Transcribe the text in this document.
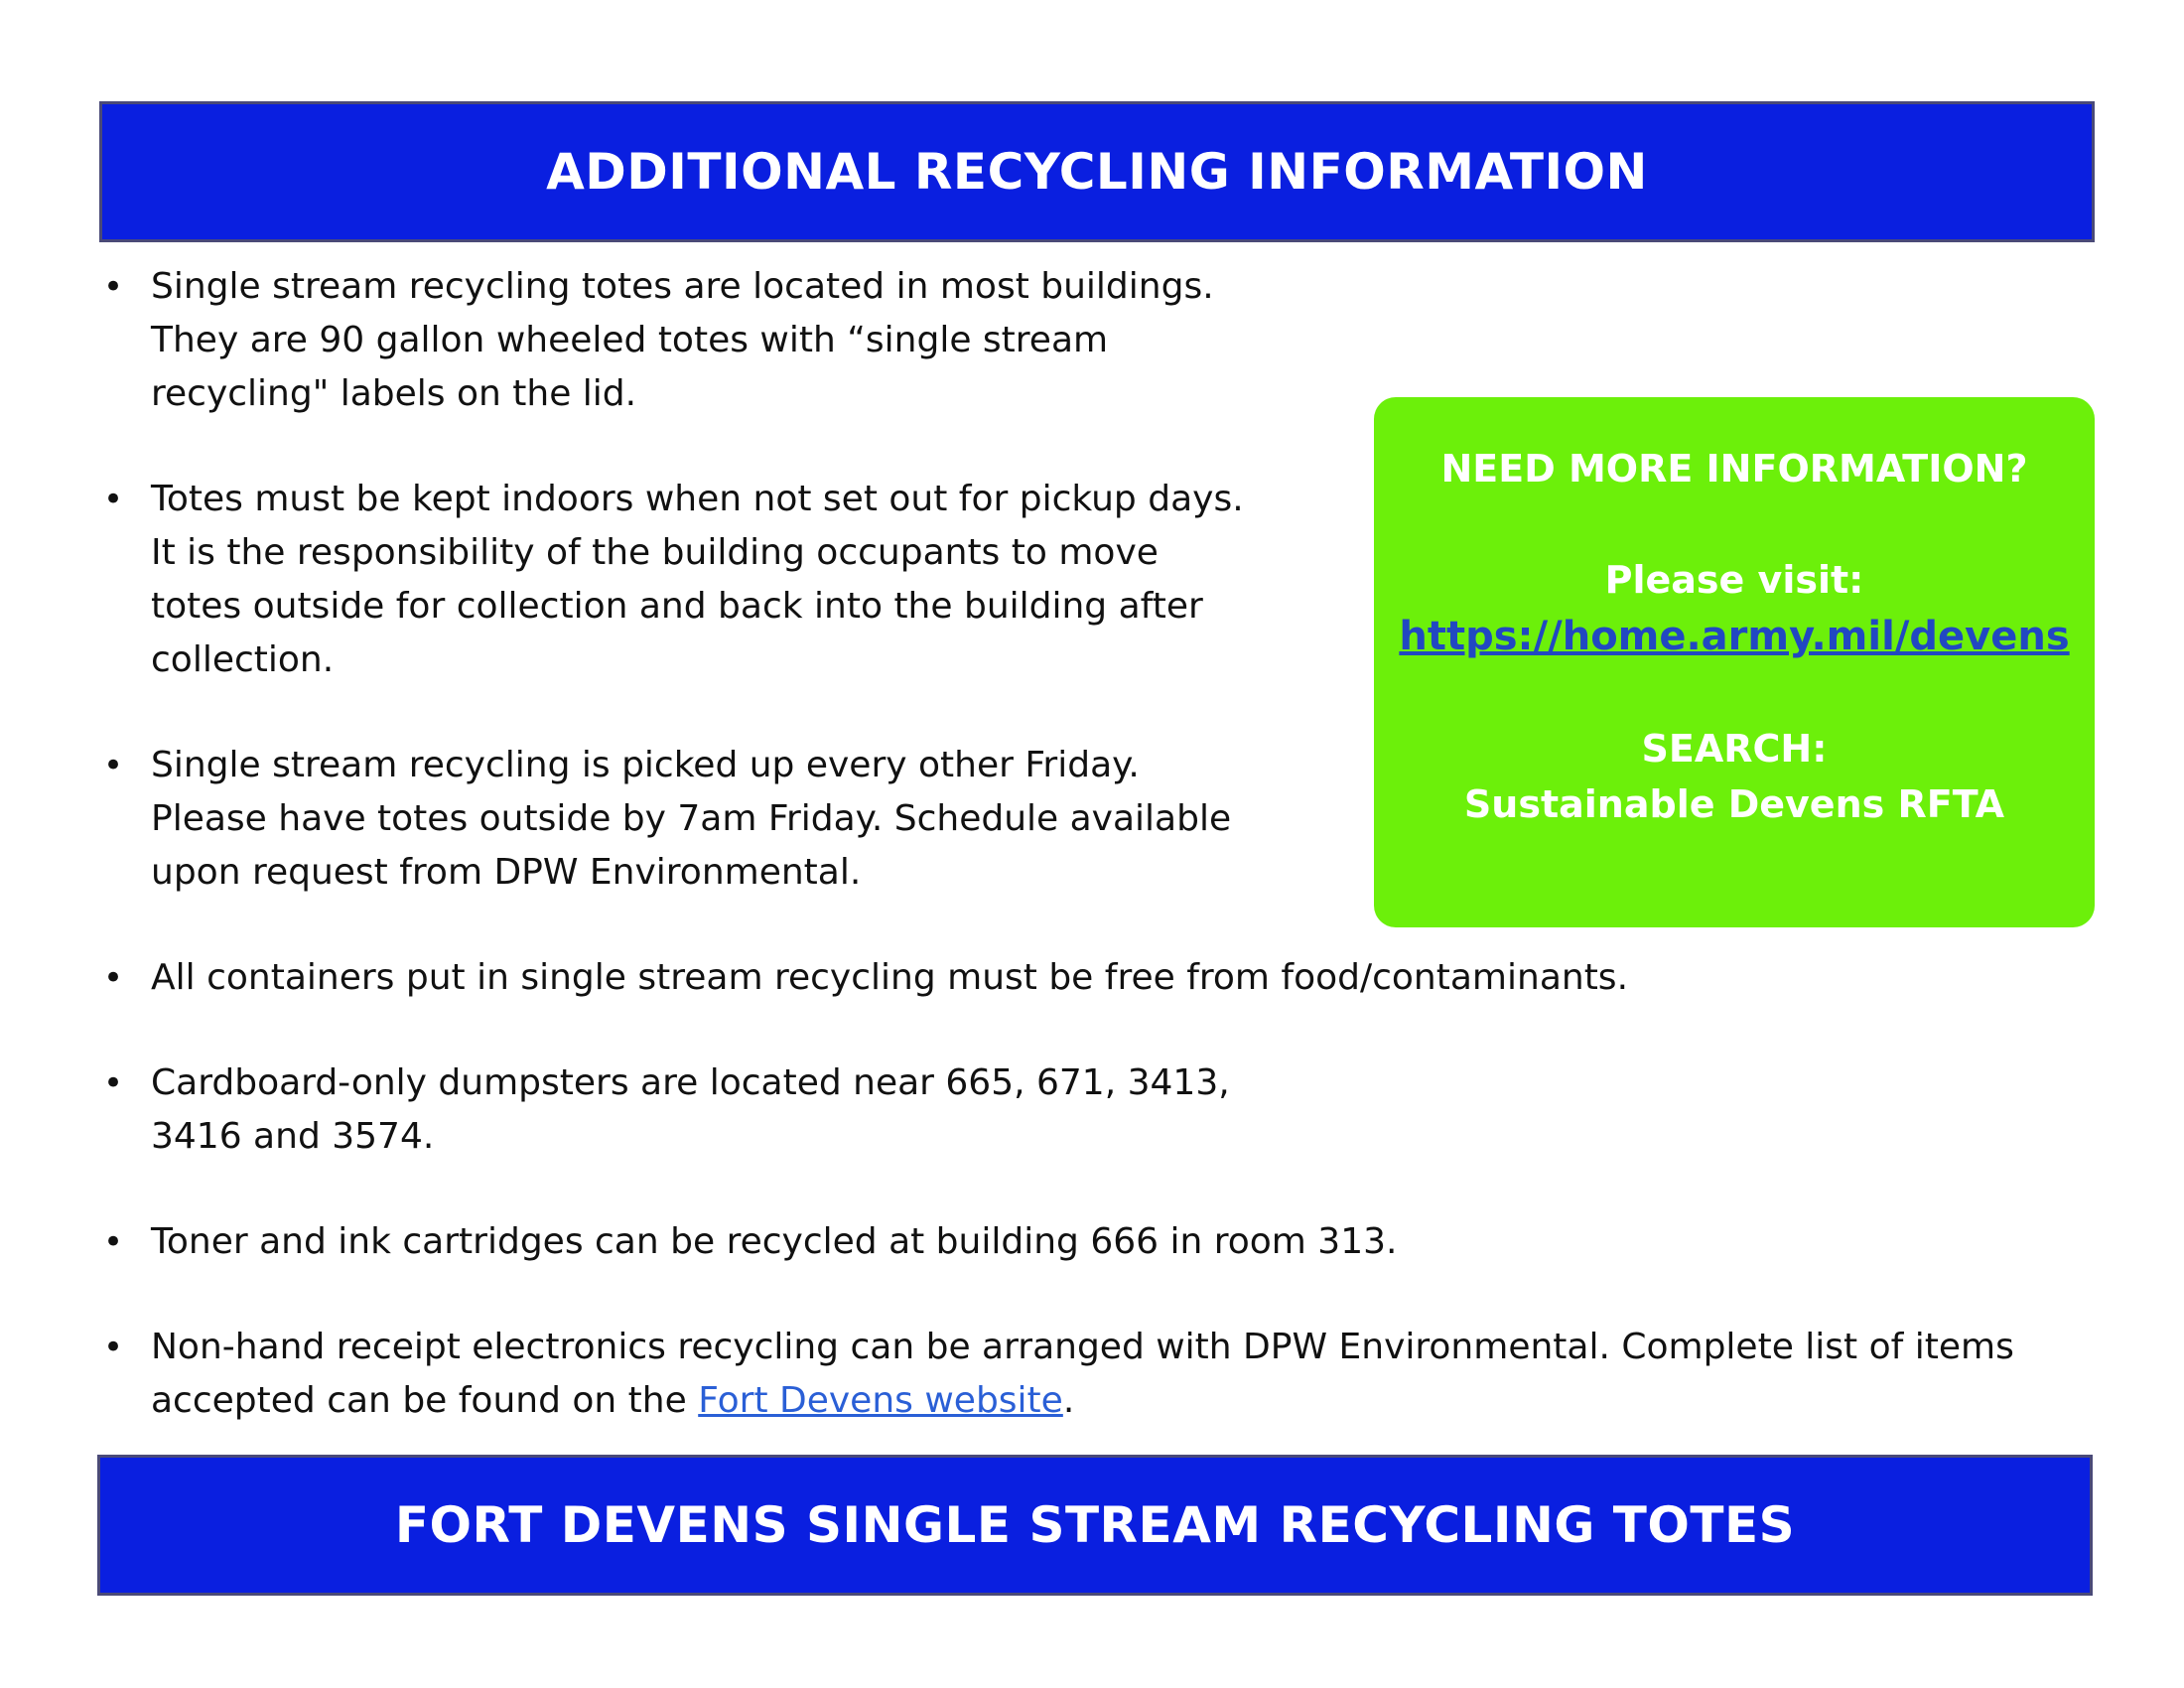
ADDITIONAL RECYCLING INFORMATION
• Single stream recycling totes are located in most buildings.
They are 90 gallon wheeled totes with “single stream
recycling" labels on the lid.
• Totes must be kept indoors when not set out for pickup days.
It is the responsibility of the building occupants to move
totes outside for collection and back into the building after
collection.
• Single stream recycling is picked up every other Friday.
Please have totes outside by 7am Friday. Schedule available
upon request from DPW Environmental.
• All containers put in single stream recycling must be free from food/contaminants.
• Cardboard-only dumpsters are located near 665, 671, 3413,
3416 and 3574.
• Toner and ink cartridges can be recycled at building 666 in room 313.
• Non-hand receipt electronics recycling can be arranged with DPW Environmental. Complete list of items
accepted can be found on the Fort Devens website.
NEED MORE INFORMATION?
Please visit:
https://home.army.mil/devens
SEARCH:
Sustainable Devens RFTA
FORT DEVENS SINGLE STREAM RECYCLING TOTES
